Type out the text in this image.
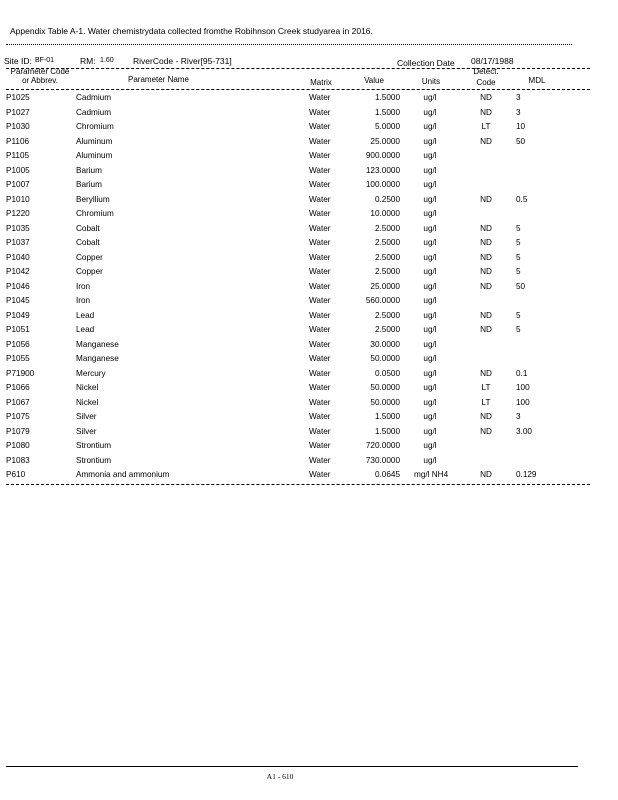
Appendix Table A-1. Water chemistrydata collected fromthe Robihnson Creek studyarea in 2016.
Site ID: BF-01	RM: 1.60 RiverCode - River[95-731]	Collection Date 08/17/1988
Parameter Code
or Abbrev.	Parameter Name	Matrix	Value	Units
Detect.
Code	MDL
P1025	Cadmium	Water	1.5000	ug/l	ND	3
P1027	Cadmium	Water	1.5000	ug/l	ND	3
P1030	Chromium	Water	5.0000	ug/l	LT	10
P1106	Aluminum	Water	25.0000	ug/l	ND	50
P1105	Aluminum	Water	900.0000	ug/l
P1005	Barium	Water	123.0000	ug/l
P1007	Barium	Water	100.0000	ug/l
P1010	Beryllium	Water	0.2500	ug/l	ND	0.5
P1220	Chromium	Water	10.0000	ug/l
P1035	Cobalt	Water	2.5000	ug/l	ND	5
P1037	Cobalt	Water	2.5000	ug/l	ND	5
P1040	Copper	Water	2.5000	ug/l	ND	5
P1042	Copper	Water	2.5000	ug/l	ND	5
P1046	Iron	Water	25.0000	ug/l	ND	50
P1045	Iron	Water	560.0000	ug/l
P1049	Lead	Water	2.5000	ug/l	ND	5
P1051	Lead	Water	2.5000	ug/l	ND	5
P1056	Manganese	Water	30.0000	ug/l
P1055	Manganese	Water	50.0000	ug/l
P71900	Mercury	Water	0.0500	ug/l	ND	0.1
P1066	Nickel	Water	50.0000	ug/l	LT	100
P1067	Nickel	Water	50.0000	ug/l	LT	100
P1075	Silver	Water	1.5000	ug/l	ND	3
P1079	Silver	Water	1.5000	ug/l	ND	3.00
P1080	Strontium	Water	720.0000	ug/l
P1083	Strontium	Water	730.0000	ug/l
P610	Ammonia and ammonium	Water	0.0645 mg/l NH4	ND	0.129
A1 - 610
